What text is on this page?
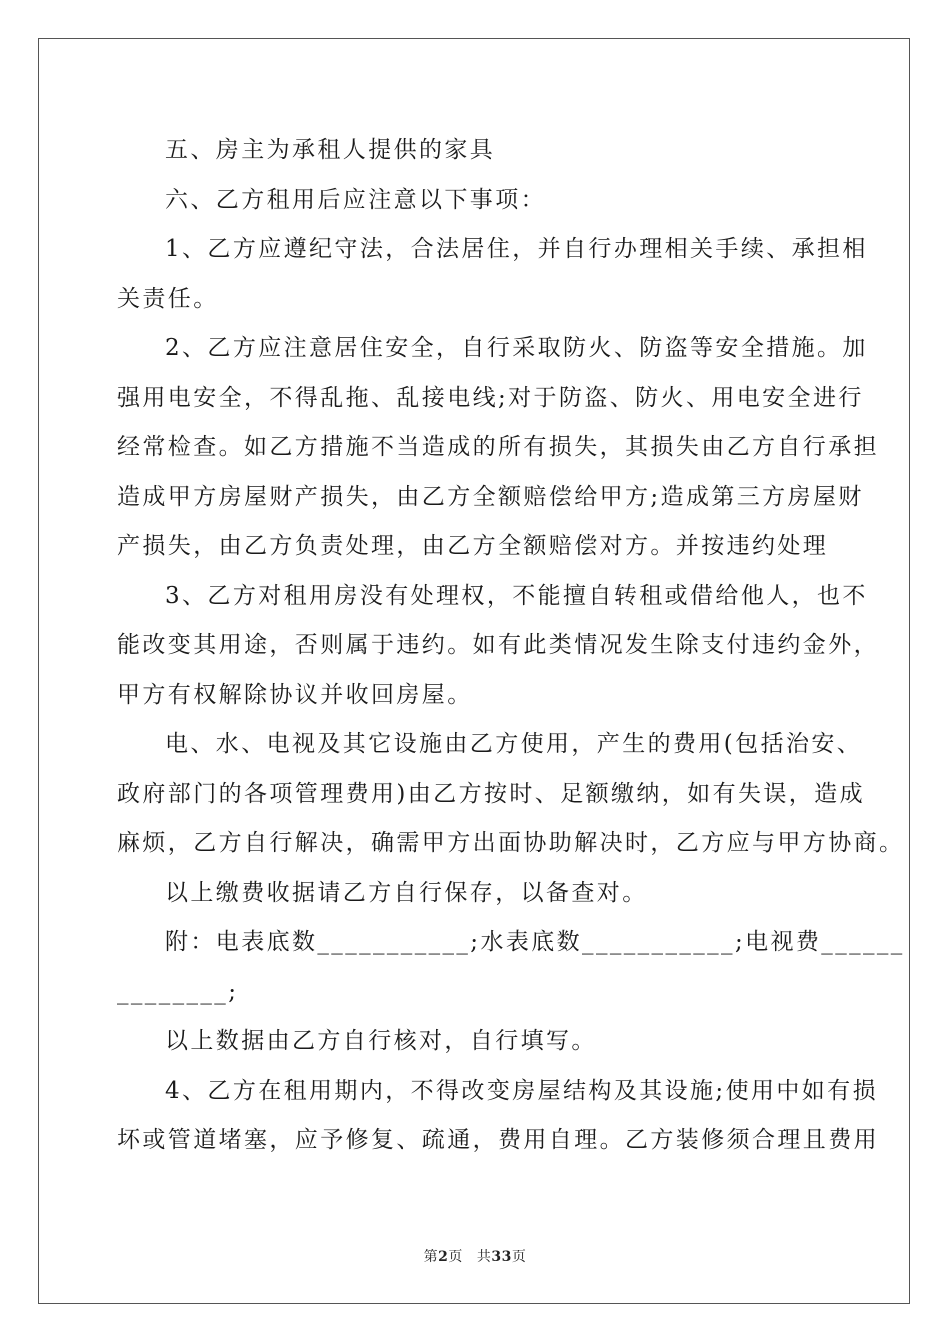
五、房主为承租人提供的家具
六、乙方租用后应注意以下事项：
1、乙方应遵纪守法，合法居住，并自行办理相关手续、承担相
关责任。
2、乙方应注意居住安全，自行采取防火、防盗等安全措施。加
强用电安全，不得乱拖、乱接电线;对于防盗、防火、用电安全进行
经常检查。如乙方措施不当造成的所有损失，其损失由乙方自行承担
造成甲方房屋财产损失，由乙方全额赔偿给甲方;造成第三方房屋财
产损失，由乙方负责处理，由乙方全额赔偿对方。并按违约处理
3、乙方对租用房没有处理权，不能擅自转租或借给他人，也不
能改变其用途，否则属于违约。如有此类情况发生除支付违约金外，
甲方有权解除协议并收回房屋。
电、水、电视及其它设施由乙方使用，产生的费用(包括治安、
政府部门的各项管理费用)由乙方按时、足额缴纳，如有失误，造成
麻烦，乙方自行解决，确需甲方出面协助解决时，乙方应与甲方协商。
以上缴费收据请乙方自行保存，以备查对。
附：电表底数___________;水表底数___________;电视费______
________;
以上数据由乙方自行核对，自行填写。
4、乙方在租用期内，不得改变房屋结构及其设施;使用中如有损
坏或管道堵塞，应予修复、疏通，费用自理。乙方装修须合理且费用
第2页 共33页
